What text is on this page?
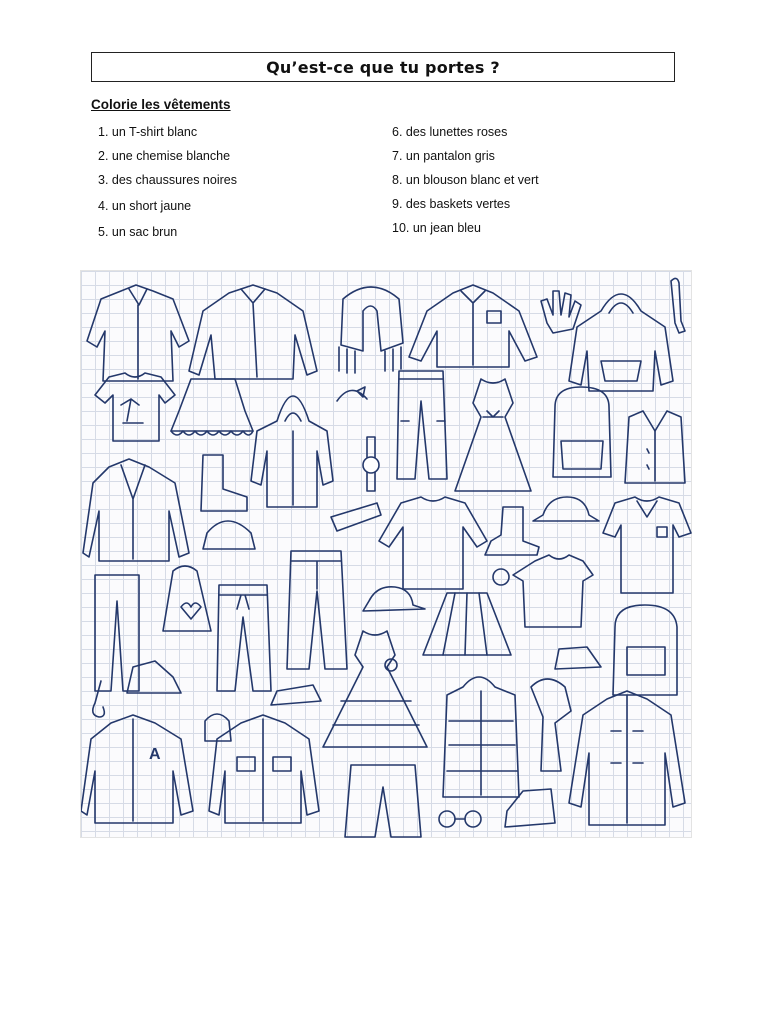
Qu’est-ce que tu portes ?
Colorie les vêtements
1. un T-shirt blanc
2. une chemise blanche
3. des chaussures noires
4. un short jaune
5. un sac brun
6. des lunettes roses
7. un pantalon gris
8. un blouson blanc et vert
9. des baskets vertes
10. un jean bleu
A
